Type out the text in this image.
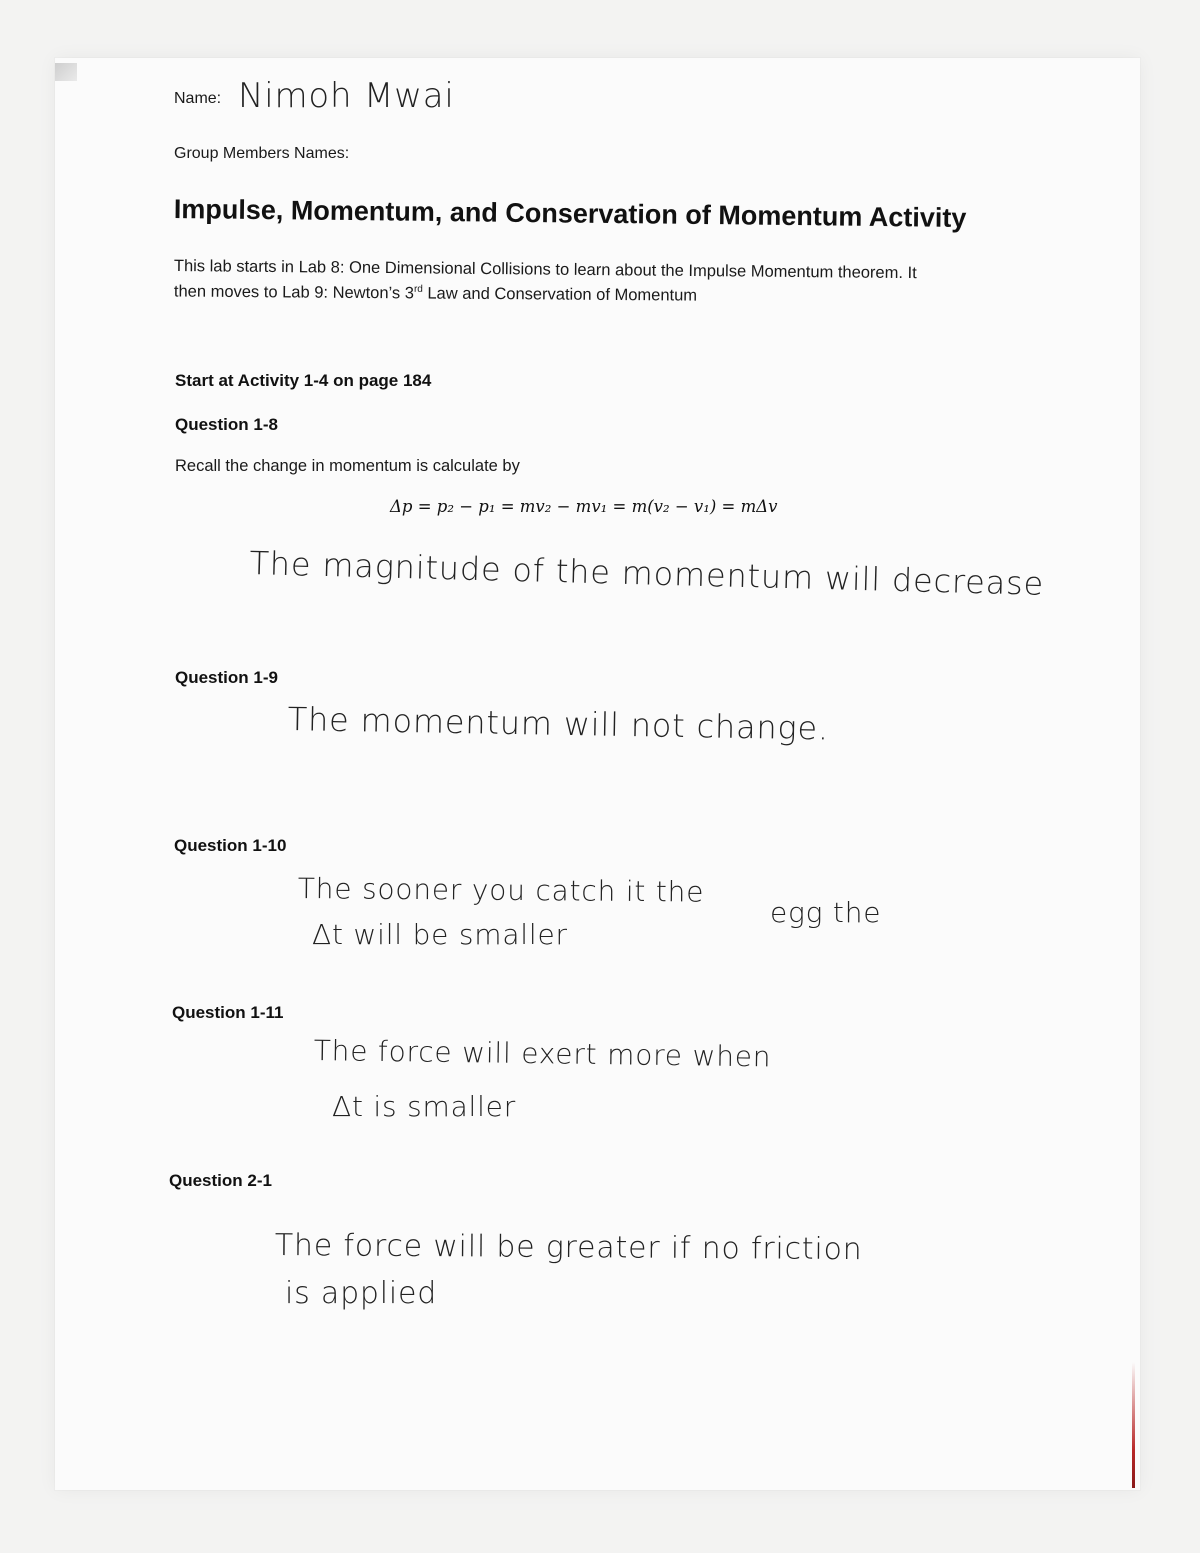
Name: Nimoh Mwai
Group Members Names:
Impulse, Momentum, and Conservation of Momentum Activity
This lab starts in Lab 8: One Dimensional Collisions to learn about the Impulse Momentum theorem. It
then moves to Lab 9: Newton’s 3rd Law and Conservation of Momentum
Start at Activity 1-4 on page 184
Question 1-8
Recall the change in momentum is calculate by
Δp = p₂ − p₁ = mv₂ − mv₁ = m(v₂ − v₁) = mΔv
The magnitude of the momentum will decrease
Question 1-9
The momentum will not change.
Question 1-10
The sooner you catch it the
egg the
Δt will be smaller
Question 1-11
The force will exert more when
Δt is smaller
Question 2-1
The force will be greater if no friction
is applied
